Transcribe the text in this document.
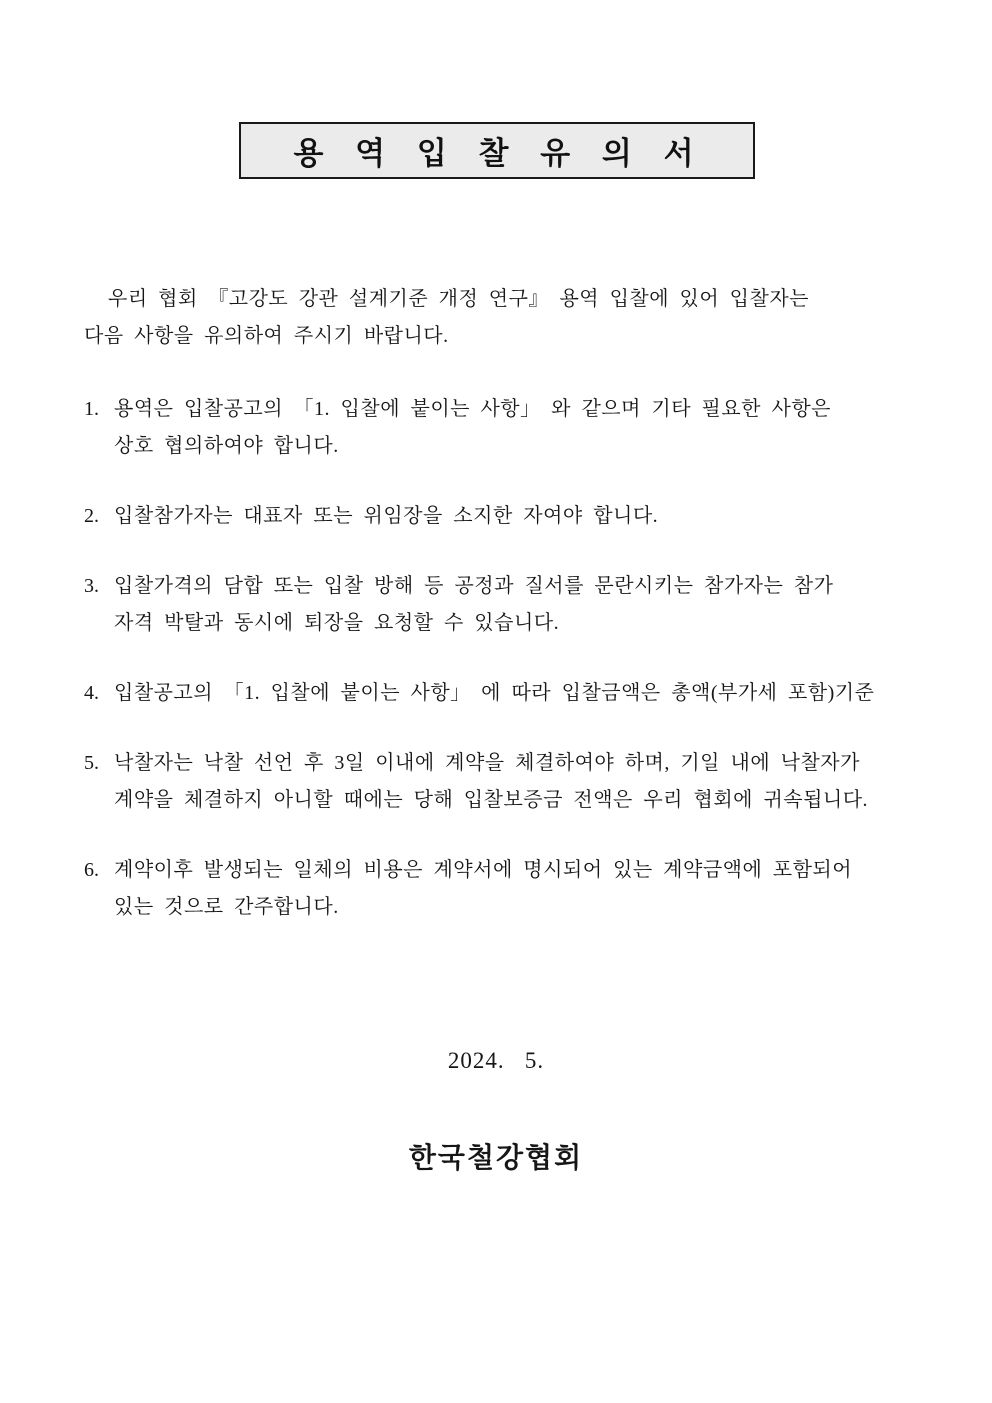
용 역 입 찰 유 의 서

우리 협회 『고강도 강관 설계기준 개정 연구』 용역 입찰에 있어 입찰자는

다음 사항을 유의하여 주시기 바랍니다.

1. 용역은 입찰공고의 「1. 입찰에 붙이는 사항」 와 같으며 기타 필요한 사항은

상호 협의하여야 합니다.

2. 입찰참가자는 대표자 또는 위임장을 소지한 자여야 합니다.

3. 입찰가격의 담합 또는 입찰 방해 등 공정과 질서를 문란시키는 참가자는 참가

자격 박탈과 동시에 퇴장을 요청할 수 있습니다.

4. 입찰공고의 「1. 입찰에 붙이는 사항」 에 따라 입찰금액은 총액(부가세 포함)기준

5. 낙찰자는 낙찰 선언 후 3일 이내에 계약을 체결하여야 하며, 기일 내에 낙찰자가

계약을 체결하지 아니할 때에는 당해 입찰보증금 전액은 우리 협회에 귀속됩니다.

6. 계약이후 발생되는 일체의 비용은 계약서에 명시되어 있는 계약금액에 포함되어

있는 것으로 간주합니다.

2024.   5.
한국철강협회
